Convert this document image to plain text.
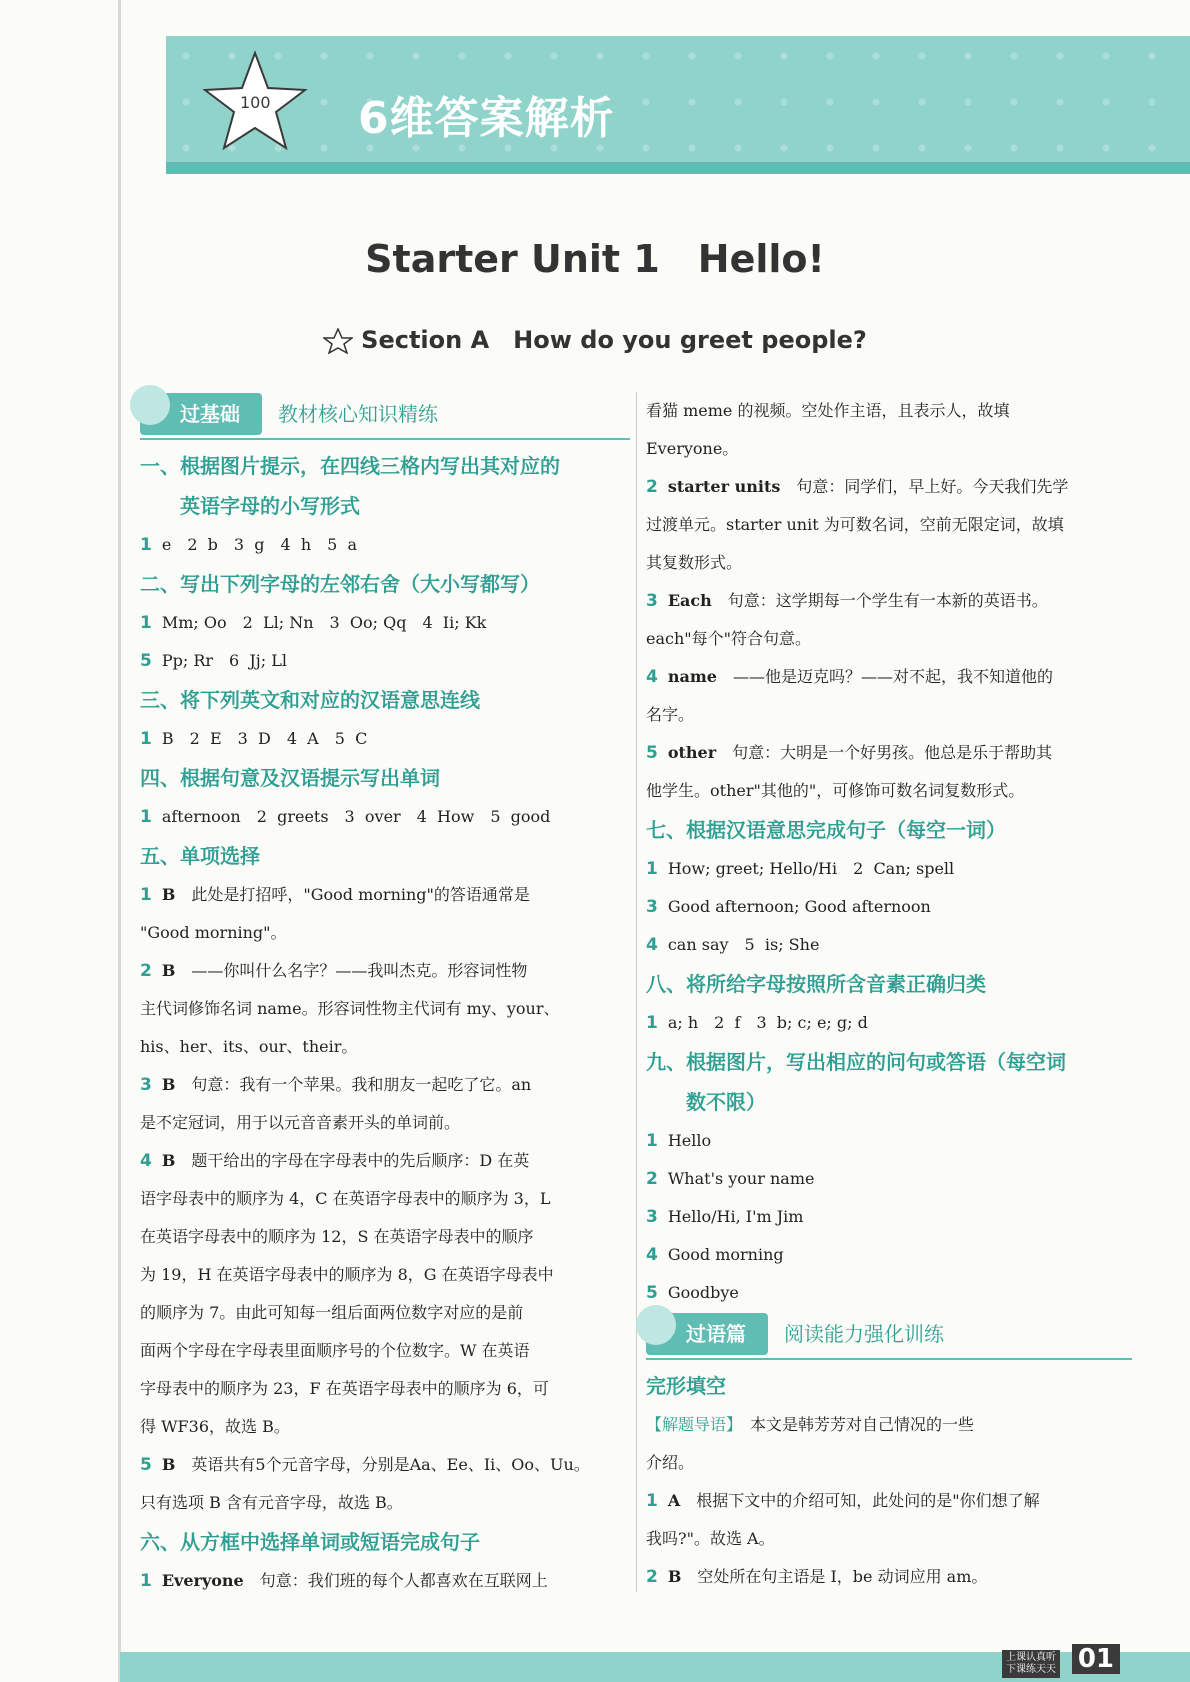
100 6维答案解析
Starter Unit 1　Hello!
Section A　How do you greet people?
过基础	教材核心知识精练
一、根据图片提示，在四线三格内写出其对应的
英语字母的小写形式
1 e　2  b　3  g　4  h　5  a
二、写出下列字母的左邻右舍（大小写都写）
1 Mm; Oo　2  Ll; Nn　3  Oo; Qq　4  Ii; Kk
5 Pp; Rr　6  Jj; Ll
三、将下列英文和对应的汉语意思连线
1 B　2  E　3  D　4  A　5  C
四、根据句意及汉语提示写出单词
1 afternoon　2  greets　3  over　4  How　5  good
五、单项选择
1 B　 此处是打招呼，"Good morning"的答语通常是
"Good morning"。
2 B　 ——你叫什么名字？——我叫杰克。形容词性物
主代词修饰名词 name。形容词性物主代词有 my、your、
his、her、its、our、their。
3 B　 句意：我有一个苹果。我和朋友一起吃了它。an
是不定冠词，用于以元音音素开头的单词前。
4 B　 题干给出的字母在字母表中的先后顺序：D 在英
语字母表中的顺序为 4，C 在英语字母表中的顺序为 3，L
在英语字母表中的顺序为 12，S 在英语字母表中的顺序
为 19，H 在英语字母表中的顺序为 8，G 在英语字母表中
的顺序为 7。由此可知每一组后面两位数字对应的是前
面两个字母在字母表里面顺序号的个位数字。W 在英语
字母表中的顺序为 23，F 在英语字母表中的顺序为 6，可
得 WF36，故选 B。
5 B　 英语共有5个元音字母，分别是Aa、Ee、Ii、Oo、Uu。
只有选项 B 含有元音字母，故选 B。
六、从方框中选择单词或短语完成句子
1 Everyone　 句意：我们班的每个人都喜欢在互联网上
看猫 meme 的视频。空处作主语，且表示人，故填
Everyone。
2 starter units　 句意：同学们，早上好。今天我们先学
过渡单元。starter unit 为可数名词，空前无限定词，故填
其复数形式。
3 Each　 句意：这学期每一个学生有一本新的英语书。
each"每个"符合句意。
4 name　 ——他是迈克吗？——对不起，我不知道他的
名字。
5 other　 句意：大明是一个好男孩。他总是乐于帮助其
他学生。other"其他的"，可修饰可数名词复数形式。
七、根据汉语意思完成句子（每空一词）
1 How; greet; Hello/Hi　2  Can; spell
3 Good afternoon; Good afternoon
4 can say　5  is; She
八、将所给字母按照所含音素正确归类
1 a; h　2  f　3  b; c; e; g; d
九、根据图片，写出相应的问句或答语（每空词
数不限）
1 Hello
2 What's your name
3 Hello/Hi, I'm Jim
4 Good morning
5 Goodbye
过语篇	阅读能力强化训练
完形填空
【解题导语】　本文是韩芳芳对自己情况的一些
介绍。
1 A　 根据下文中的介绍可知，此处问的是"你们想了解
我吗?"。故选 A。
2 B　 空处所在句主语是 I，be 动词应用 am。
上课认真听
下课练天天 01
